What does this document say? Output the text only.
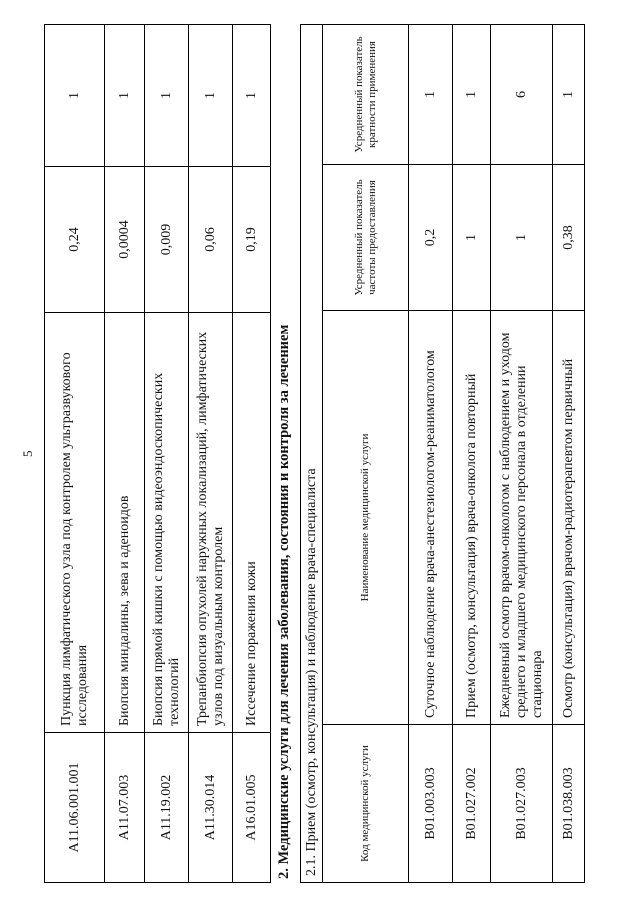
5
A11.06.001.001	Пункция лимфатического узла под контролем ультразвукового исследования	0,24	1
A11.07.003	Биопсия миндалины, зева и аденоидов	0,0004	1
A11.19.002	Биопсия прямой кишки с помощью видеоэндоскопических технологий	0,009	1
A11.30.014	Трепанбиопсия опухолей наружных локализаций, лимфатических узлов под визуальным контролем	0,06	1
A16.01.005	Иссечение поражения кожи	0,19	1
2. Медицинские услуги для лечения заболевания, состояния и контроля за лечением 2.1. Прием (осмотр, консультация) и наблюдение врача-специалиста			
Код медицинской услуги	Наименование медицинской услуги	Усредненный показатель частоты предоставления	Усредненный показатель кратности применения
B01.003.003	Суточное наблюдение врача-анестезиологом-реаниматологом	0,2	1
B01.027.002	Прием (осмотр, консультация) врача-онколога повторный	1	1
B01.027.003	Ежедневный осмотр врачом-онкологом с наблюдением и уходом среднего и младшего медицинского персонала в отделении стационара	1	6
B01.038.003	Осмотр (консультация) врачом-радиотерапевтом первичный	0,38	1
